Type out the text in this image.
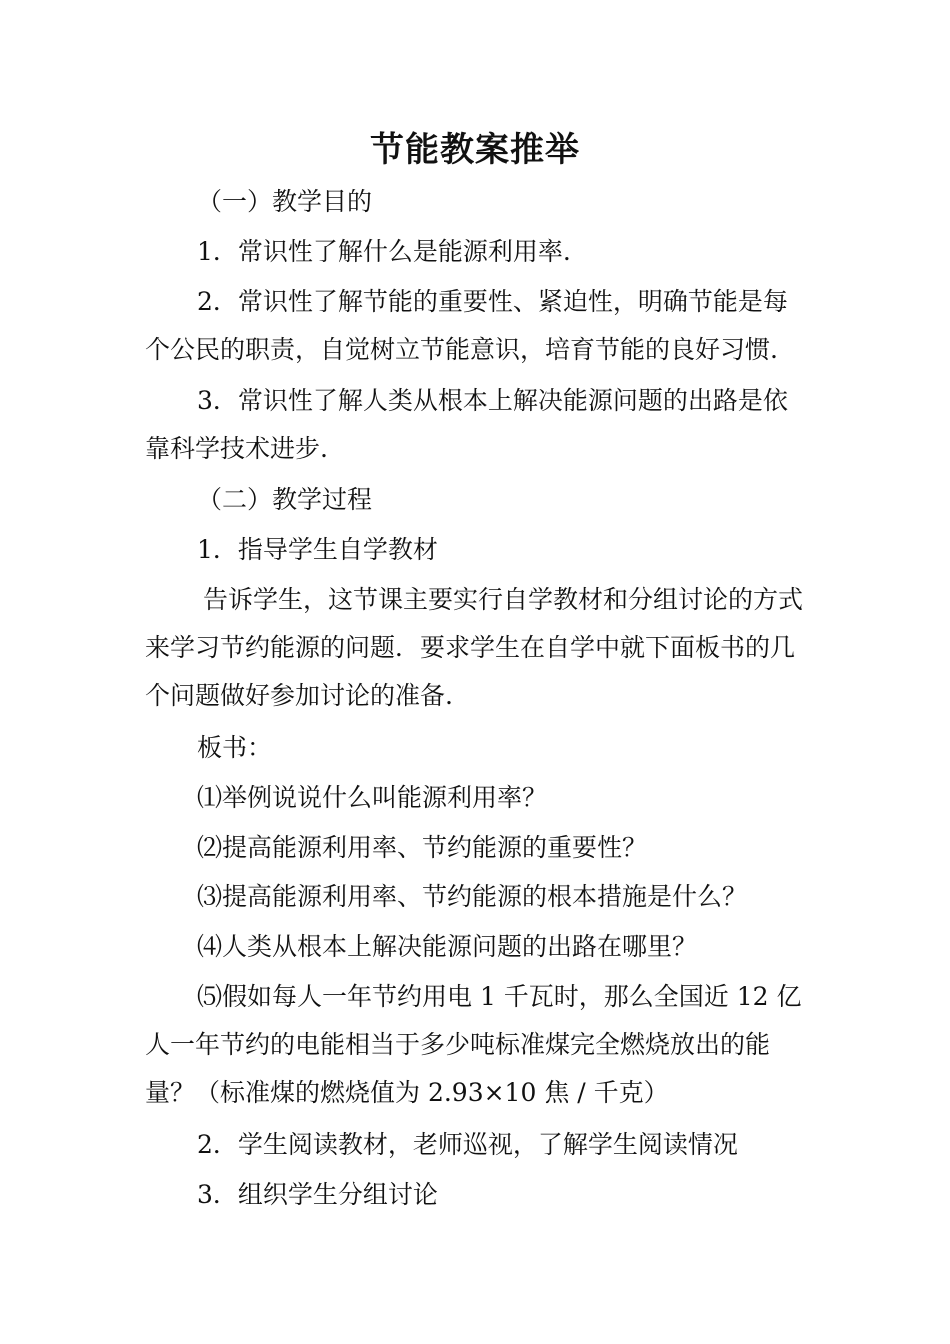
节能教案推举
（一）教学目的
1．常识性了解什么是能源利用率.
2．常识性了解节能的重要性、紧迫性，明确节能是每个公民的职责，自觉树立节能意识，培育节能的良好习惯.
3．常识性了解人类从根本上解决能源问题的出路是依靠科学技术进步.
（二）教学过程
1．指导学生自学教材
告诉学生，这节课主要实行自学教材和分组讨论的方式来学习节约能源的问题．要求学生在自学中就下面板书的几个问题做好参加讨论的准备.
板书：
⑴举例说说什么叫能源利用率？
⑵提高能源利用率、节约能源的重要性？
⑶提高能源利用率、节约能源的根本措施是什么？
⑷人类从根本上解决能源问题的出路在哪里？
⑸假如每人一年节约用电 1 千瓦时，那么全国近 12 亿人一年节约的电能相当于多少吨标准煤完全燃烧放出的能量？（标准煤的燃烧值为 2.93×10 焦 / 千克）
2．学生阅读教材，老师巡视，了解学生阅读情况
3．组织学生分组讨论
